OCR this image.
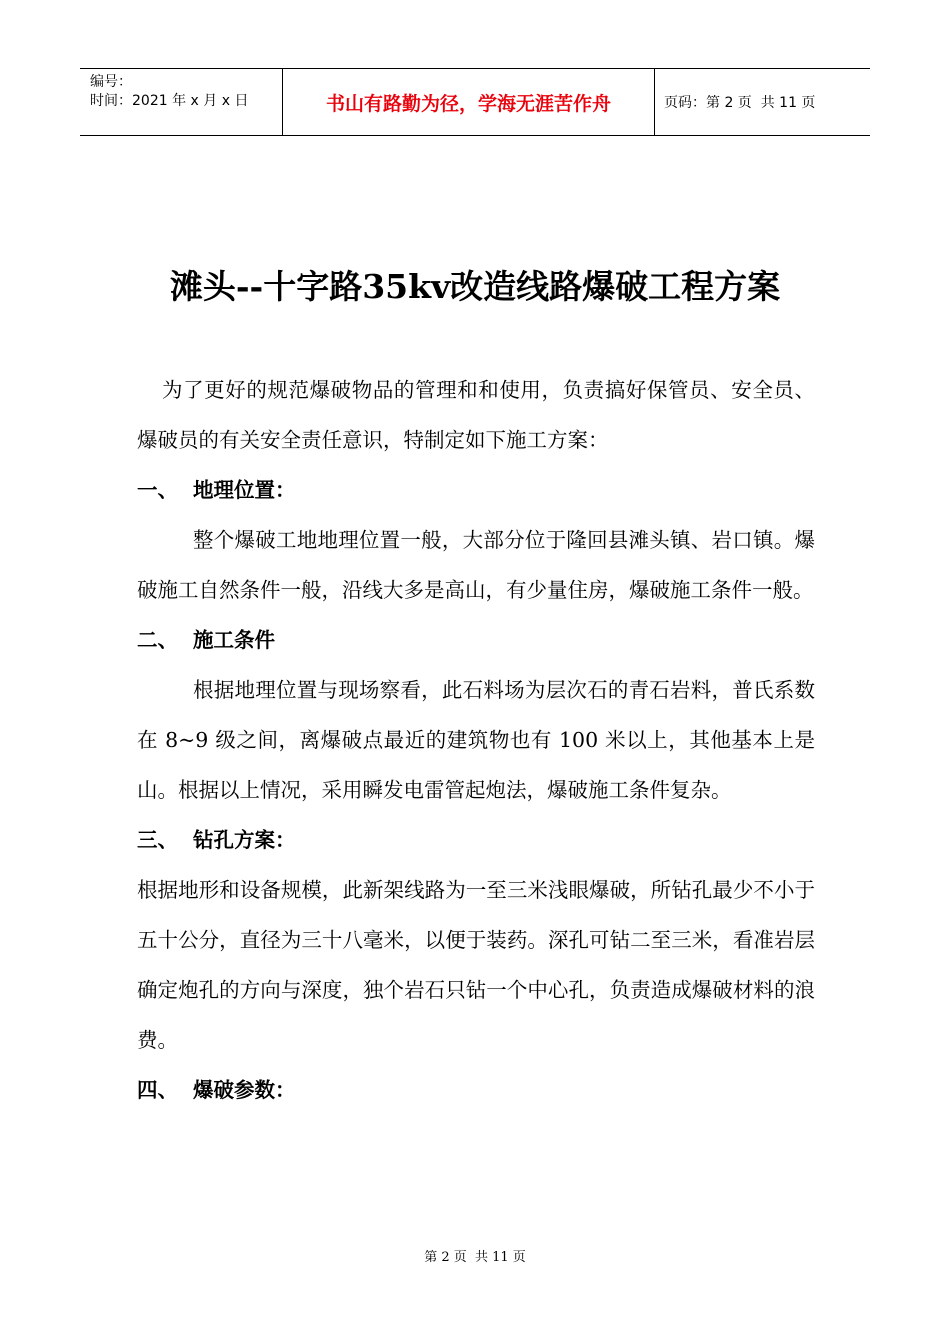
编号：
时间：2021 年 x 月 x 日	书山有路勤为径，学海无涯苦作舟	页码：第 2 页  共 11 页
滩头--十字路35kv改造线路爆破工程方案

为了更好的规范爆破物品的管理和和使用，负责搞好保管员、安全员、爆破员的有关安全责任意识，特制定如下施工方案：

一、 地理位置：

整个爆破工地地理位置一般，大部分位于隆回县滩头镇、岩口镇。爆破施工自然条件一般，沿线大多是高山，有少量住房，爆破施工条件一般。

二、 施工条件

根据地理位置与现场察看，此石料场为层次石的青石岩料，普氏系数在 8~9 级之间，离爆破点最近的建筑物也有 100 米以上，其他基本上是山。根据以上情况，采用瞬发电雷管起炮法，爆破施工条件复杂。

三、 钻孔方案：

根据地形和设备规模，此新架线路为一至三米浅眼爆破，所钻孔最少不小于五十公分，直径为三十八毫米，以便于装药。深孔可钻二至三米，看准岩层确定炮孔的方向与深度，独个岩石只钻一个中心孔，负责造成爆破材料的浪费。

四、 爆破参数：

第 2 页  共 11 页
